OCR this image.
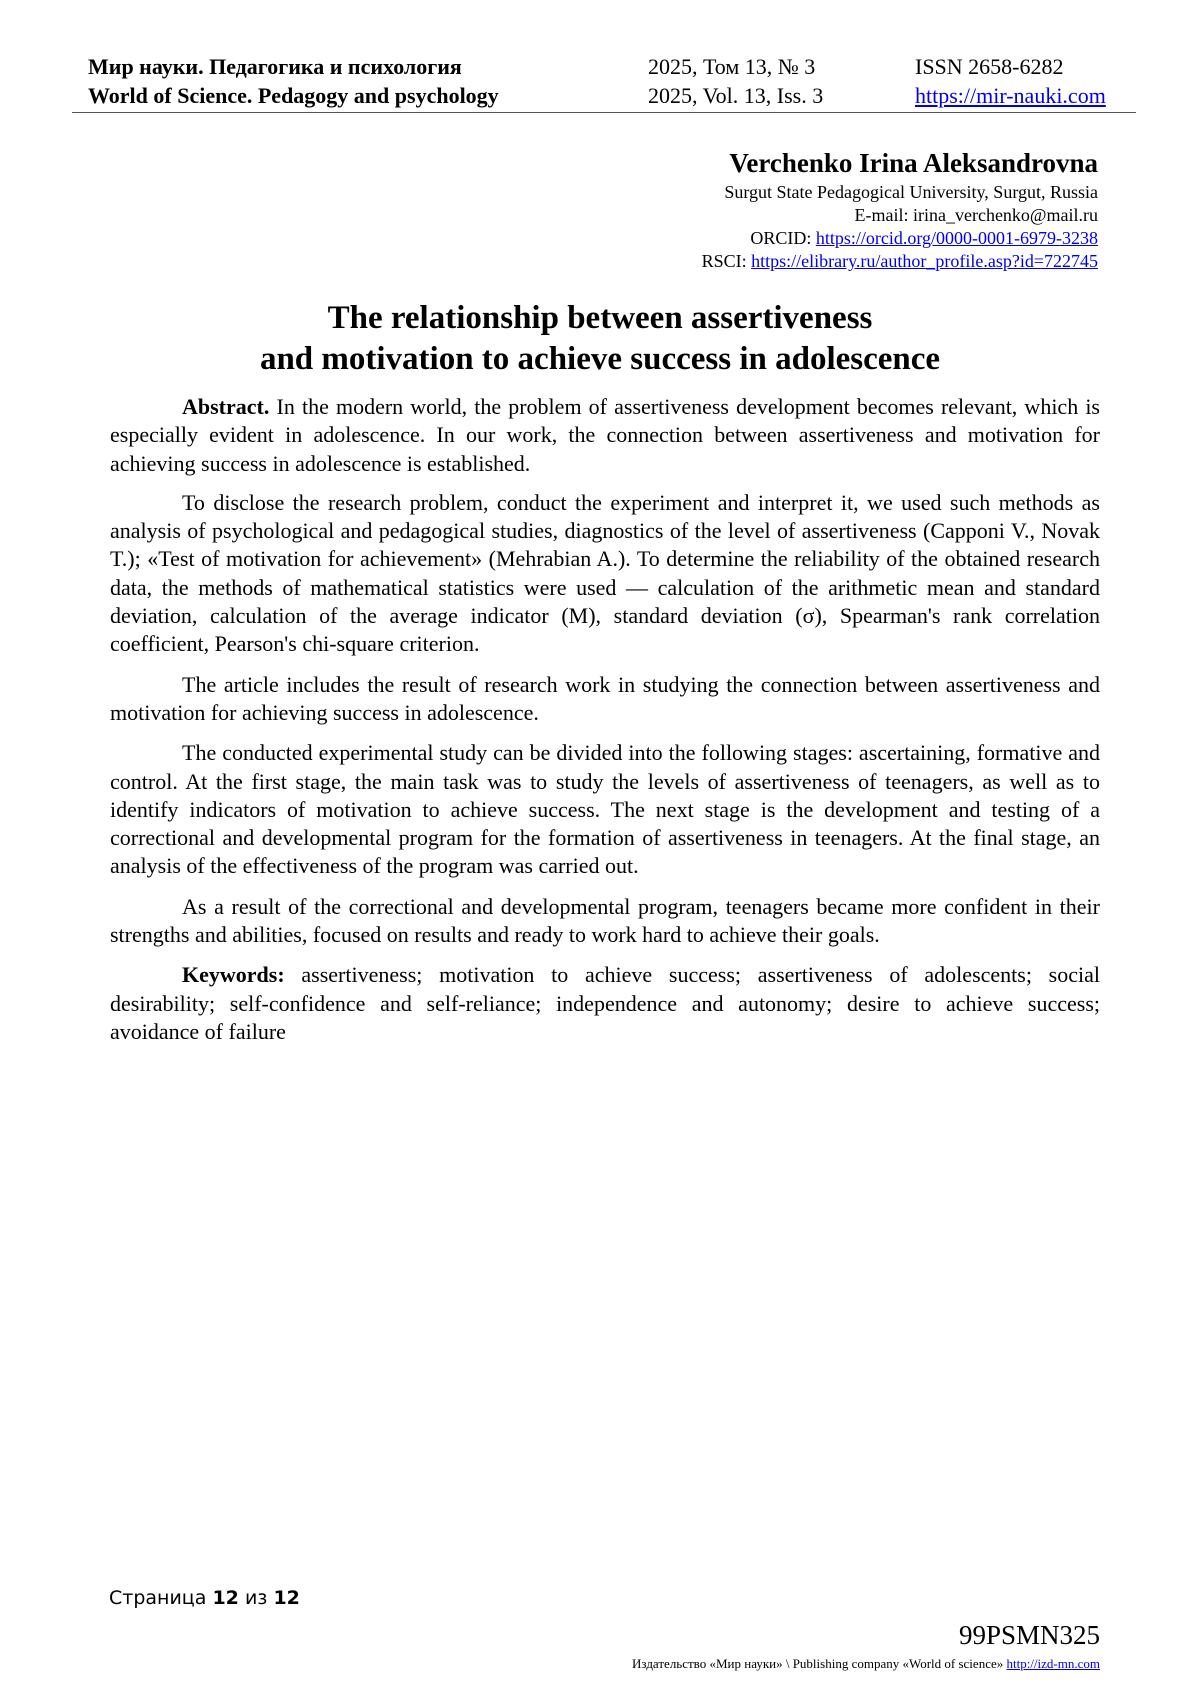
Мир науки. Педагогика и психология	2025, Том 13, № 3	ISSN 2658-6282
World of Science. Pedagogy and psychology	2025, Vol. 13, Iss. 3	https://mir-nauki.com
Verchenko Irina Aleksandrovna
Surgut State Pedagogical University, Surgut, Russia
E-mail: irina_verchenko@mail.ru
ORCID: https://orcid.org/0000-0001-6979-3238
RSCI: https://elibrary.ru/author_profile.asp?id=722745
The relationship between assertiveness
and motivation to achieve success in adolescence

Abstract. In the modern world, the problem of assertiveness development becomes relevant, which is especially evident in adolescence. In our work, the connection between assertiveness and motivation for achieving success in adolescence is established.

To disclose the research problem, conduct the experiment and interpret it, we used such methods as analysis of psychological and pedagogical studies, diagnostics of the level of assertiveness (Capponi V., Novak T.); «Test of motivation for achievement» (Mehrabian A.). To determine the reliability of the obtained research data, the methods of mathematical statistics were used — calculation of the arithmetic mean and standard deviation, calculation of the average indicator (M), standard deviation (σ), Spearman's rank correlation coefficient, Pearson's chi-square criterion.

The article includes the result of research work in studying the connection between assertiveness and motivation for achieving success in adolescence.

The conducted experimental study can be divided into the following stages: ascertaining, formative and control. At the first stage, the main task was to study the levels of assertiveness of teenagers, as well as to identify indicators of motivation to achieve success. The next stage is the development and testing of a correctional and developmental program for the formation of assertiveness in teenagers. At the final stage, an analysis of the effectiveness of the program was carried out.

As a result of the correctional and developmental program, teenagers became more confident in their strengths and abilities, focused on results and ready to work hard to achieve their goals.

Keywords: assertiveness; motivation to achieve success; assertiveness of adolescents; social desirability; self-confidence and self-reliance; independence and autonomy; desire to achieve success; avoidance of failure

Страница 12 из 12
99PSMN325
Издательство «Мир науки» \ Publishing company «World of science» http://izd-mn.com
